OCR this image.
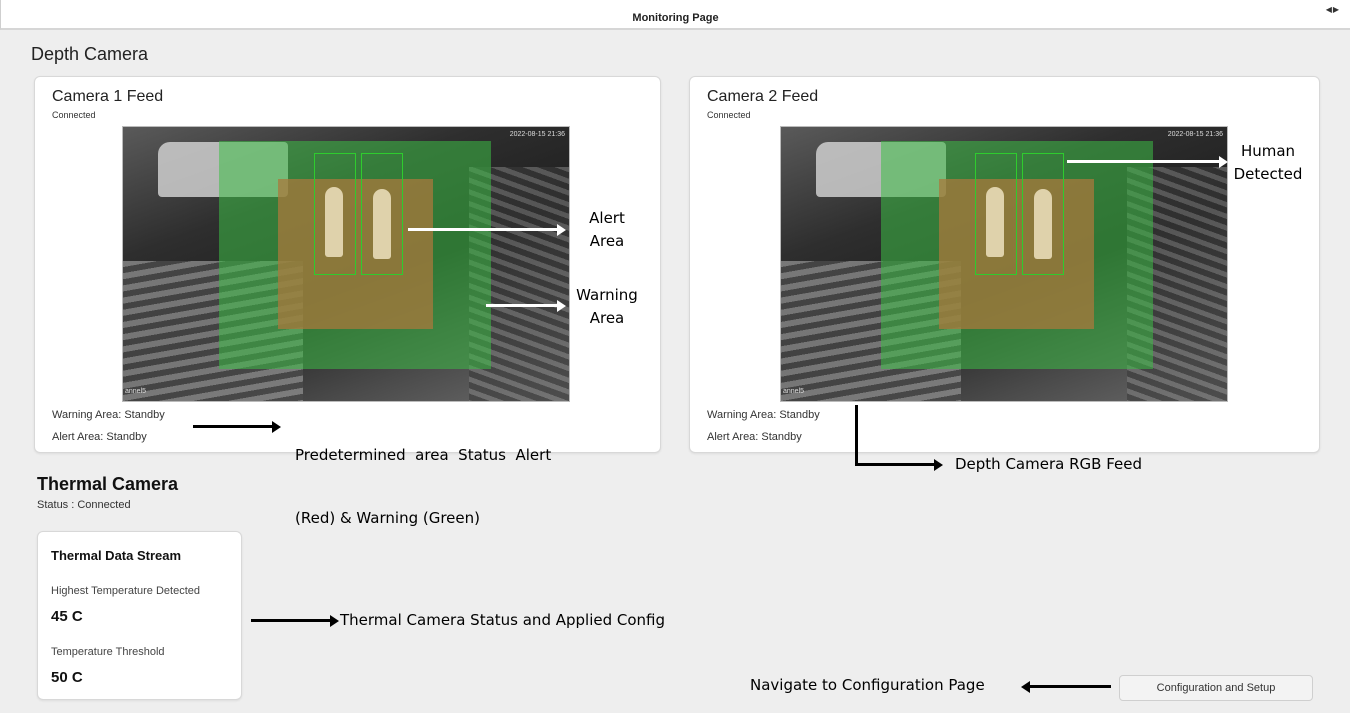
Monitoring Page
◀▶
Depth Camera
Camera 1 Feed
Connected
2022-08-15 21:36
annel5
Warning Area: Standby
Alert Area: Standby
Camera 2 Feed
Connected
2022-08-15 21:36
annel5
Warning Area: Standby
Alert Area: Standby
Alert
Area
Warning
Area
Human
Detected

Predetermined  area  Status  Alert

(Red) & Warning (Green)

Depth Camera RGB Feed
Thermal Camera
Status : Connected
Thermal Data Stream
Highest Temperature Detected
45 C
Temperature Threshold
50 C
Thermal Camera Status and Applied Config
Navigate to Configuration Page	Configuration and Setup
